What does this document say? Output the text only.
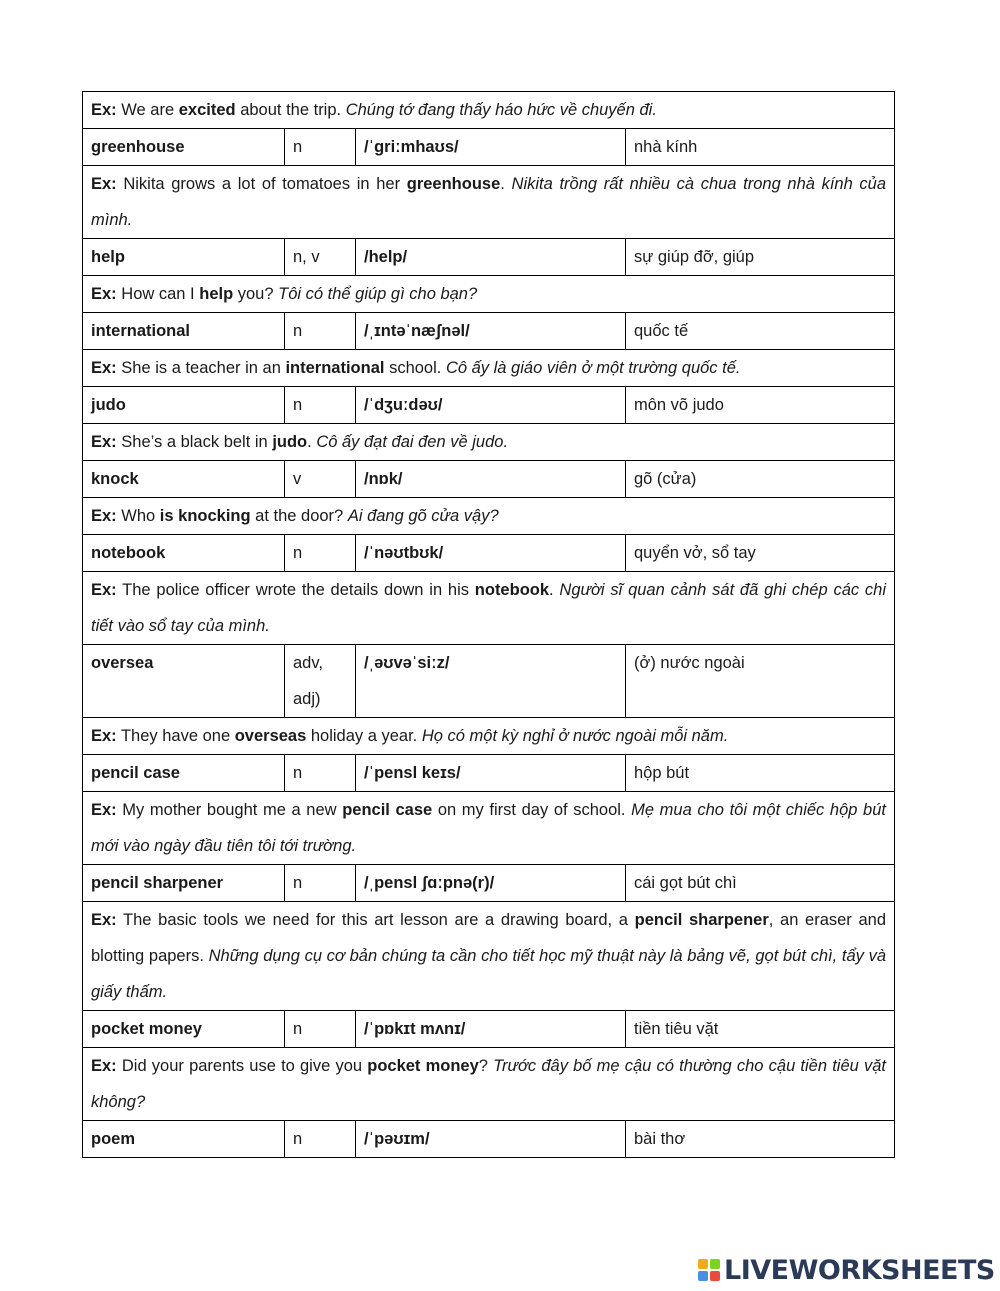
Ex: We are excited about the trip. Chúng tớ đang thấy háo hức về chuyến đi.			
greenhouse	n	/ˈgriːmhaʊs/	nhà kính
Ex: Nikita grows a lot of tomatoes in her greenhouse. Nikita trồng rất nhiều cà chua trong nhà kính của mình.			
help	n, v	/help/	sự giúp đỡ, giúp
Ex: How can I help you? Tôi có thể giúp gì cho bạn?			
international	n	/ˌɪntəˈnæʃnəl/	quốc tế
Ex: She is a teacher in an international school. Cô ấy là giáo viên ở một trường quốc tế.			
judo	n	/ˈdʒuːdəʊ/	môn võ judo
Ex: She’s a black belt in judo. Cô ấy đạt đai đen về judo.			
knock	v	/nɒk/	gõ (cửa)
Ex: Who is knocking at the door? Ai đang gõ cửa vậy?			
notebook	n	/ˈnəʊtbʊk/	quyển vở, sổ tay
Ex: The police officer wrote the details down in his notebook. Người sĩ quan cảnh sát đã ghi chép các chi tiết vào sổ tay của mình.			
oversea	adv, adj)	/ˌəʊvəˈsiːz/	(ở) nước ngoài
Ex: They have one overseas holiday a year. Họ có một kỳ nghỉ ở nước ngoài mỗi năm.			
pencil case	n	/ˈpensl keɪs/	hộp bút
Ex: My mother bought me a new pencil case on my first day of school. Mẹ mua cho tôi một chiếc hộp bút mới vào ngày đầu tiên tôi tới trường.			
pencil sharpener	n	/ˌpensl ʃɑːpnə(r)/	cái gọt bút chì
Ex: The basic tools we need for this art lesson are a drawing board, a pencil sharpener, an eraser and blotting papers. Những dụng cụ cơ bản chúng ta cần cho tiết học mỹ thuật này là bảng vẽ, gọt bút chì, tẩy và giấy thấm.			
pocket money	n	/ˈpɒkɪt mʌnɪ/	tiền tiêu vặt
Ex: Did your parents use to give you pocket money? Trước đây bố mẹ cậu có thường cho cậu tiền tiêu vặt không?			
poem	n	/ˈpəʊɪm/	bài thơ
LIVEWORKSHEETS
